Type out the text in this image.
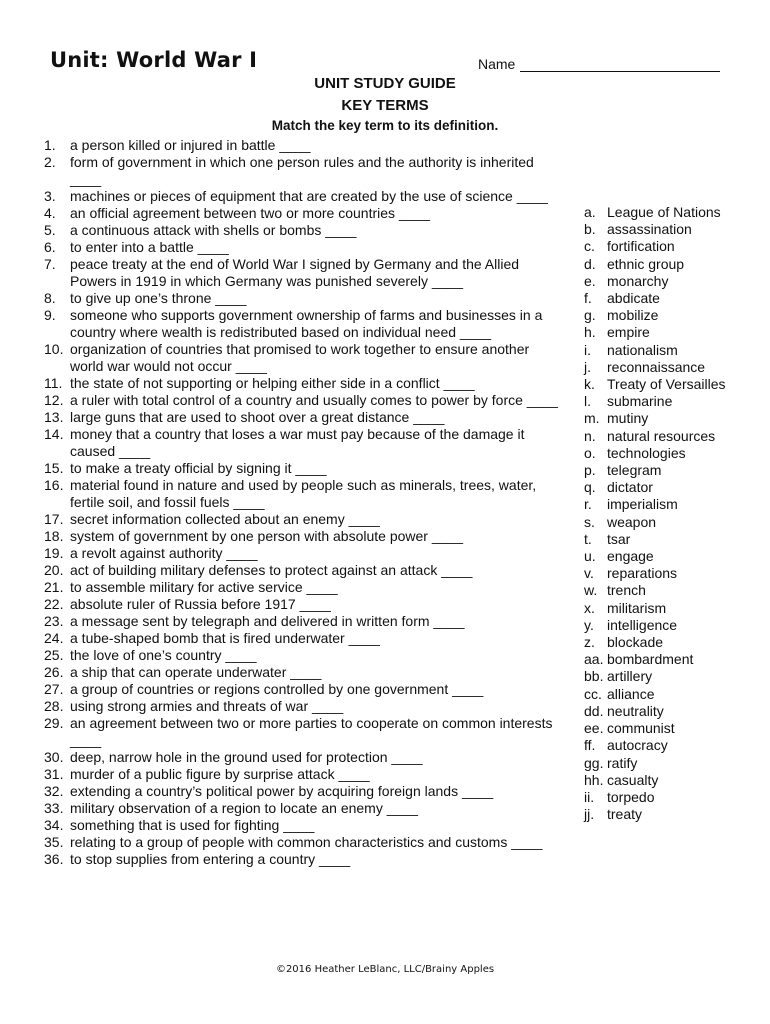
Unit: World War I	Name
UNIT STUDY GUIDE
KEY TERMS
Match the key term to its definition.
1.	a person killed or injured in battle ____
2.	form of government in which one person rules and the authority is inherited ____
3.	machines or pieces of equipment that are created by the use of science ____
4.	an official agreement between two or more countries ____
5.	a continuous attack with shells or bombs ____
6.	to enter into a battle ____
7.	peace treaty at the end of World War I signed by Germany and the Allied Powers in 1919 in which Germany was punished severely ____
8.	to give up one’s throne ____
9.	someone who supports government ownership of farms and businesses in a country where wealth is redistributed based on individual need ____
10. organization of countries that promised to work together to ensure another world war would not occur ____
11. the state of not supporting or helping either side in a conflict ____
12. a ruler with total control of a country and usually comes to power by force ____
13. large guns that are used to shoot over a great distance ____
14. money that a country that loses a war must pay because of the damage it caused ____
15. to make a treaty official by signing it ____
16. material found in nature and used by people such as minerals, trees, water, fertile soil, and fossil fuels ____
17. secret information collected about an enemy ____
18. system of government by one person with absolute power ____
19. a revolt against authority ____
20. act of building military defenses to protect against an attack ____
21. to assemble military for active service ____
22. absolute ruler of Russia before 1917 ____
23. a message sent by telegraph and delivered in written form ____
24. a tube-shaped bomb that is fired underwater ____
25. the love of one’s country ____
26. a ship that can operate underwater ____
27. a group of countries or regions controlled by one government ____
28. using strong armies and threats of war ____
29. an agreement between two or more parties to cooperate on common interests ____
30. deep, narrow hole in the ground used for protection ____
31. murder of a public figure by surprise attack ____
32. extending a country’s political power by acquiring foreign lands ____
33. military observation of a region to locate an enemy ____
34. something that is used for fighting ____
35. relating to a group of people with common characteristics and customs ____
36. to stop supplies from entering a country ____
a. League of Nations
b. assassination
c. fortification
d. ethnic group
e. monarchy
f.	abdicate
g. mobilize
h. empire
i.	nationalism
j.	reconnaissance
k. Treaty of Versailles
l.	submarine
m. mutiny
n. natural resources
o. technologies
p. telegram
q. dictator
r.	imperialism
s. weapon
t.	tsar
u. engage
v. reparations
w. trench
x. militarism
y. intelligence
z. blockade
aa. bombardment
bb. artillery
cc. alliance
dd. neutrality
ee. communist
ff. autocracy
gg. ratify
hh. casualty
ii. torpedo
jj. treaty
©2016 Heather LeBlanc, LLC/Brainy Apples
